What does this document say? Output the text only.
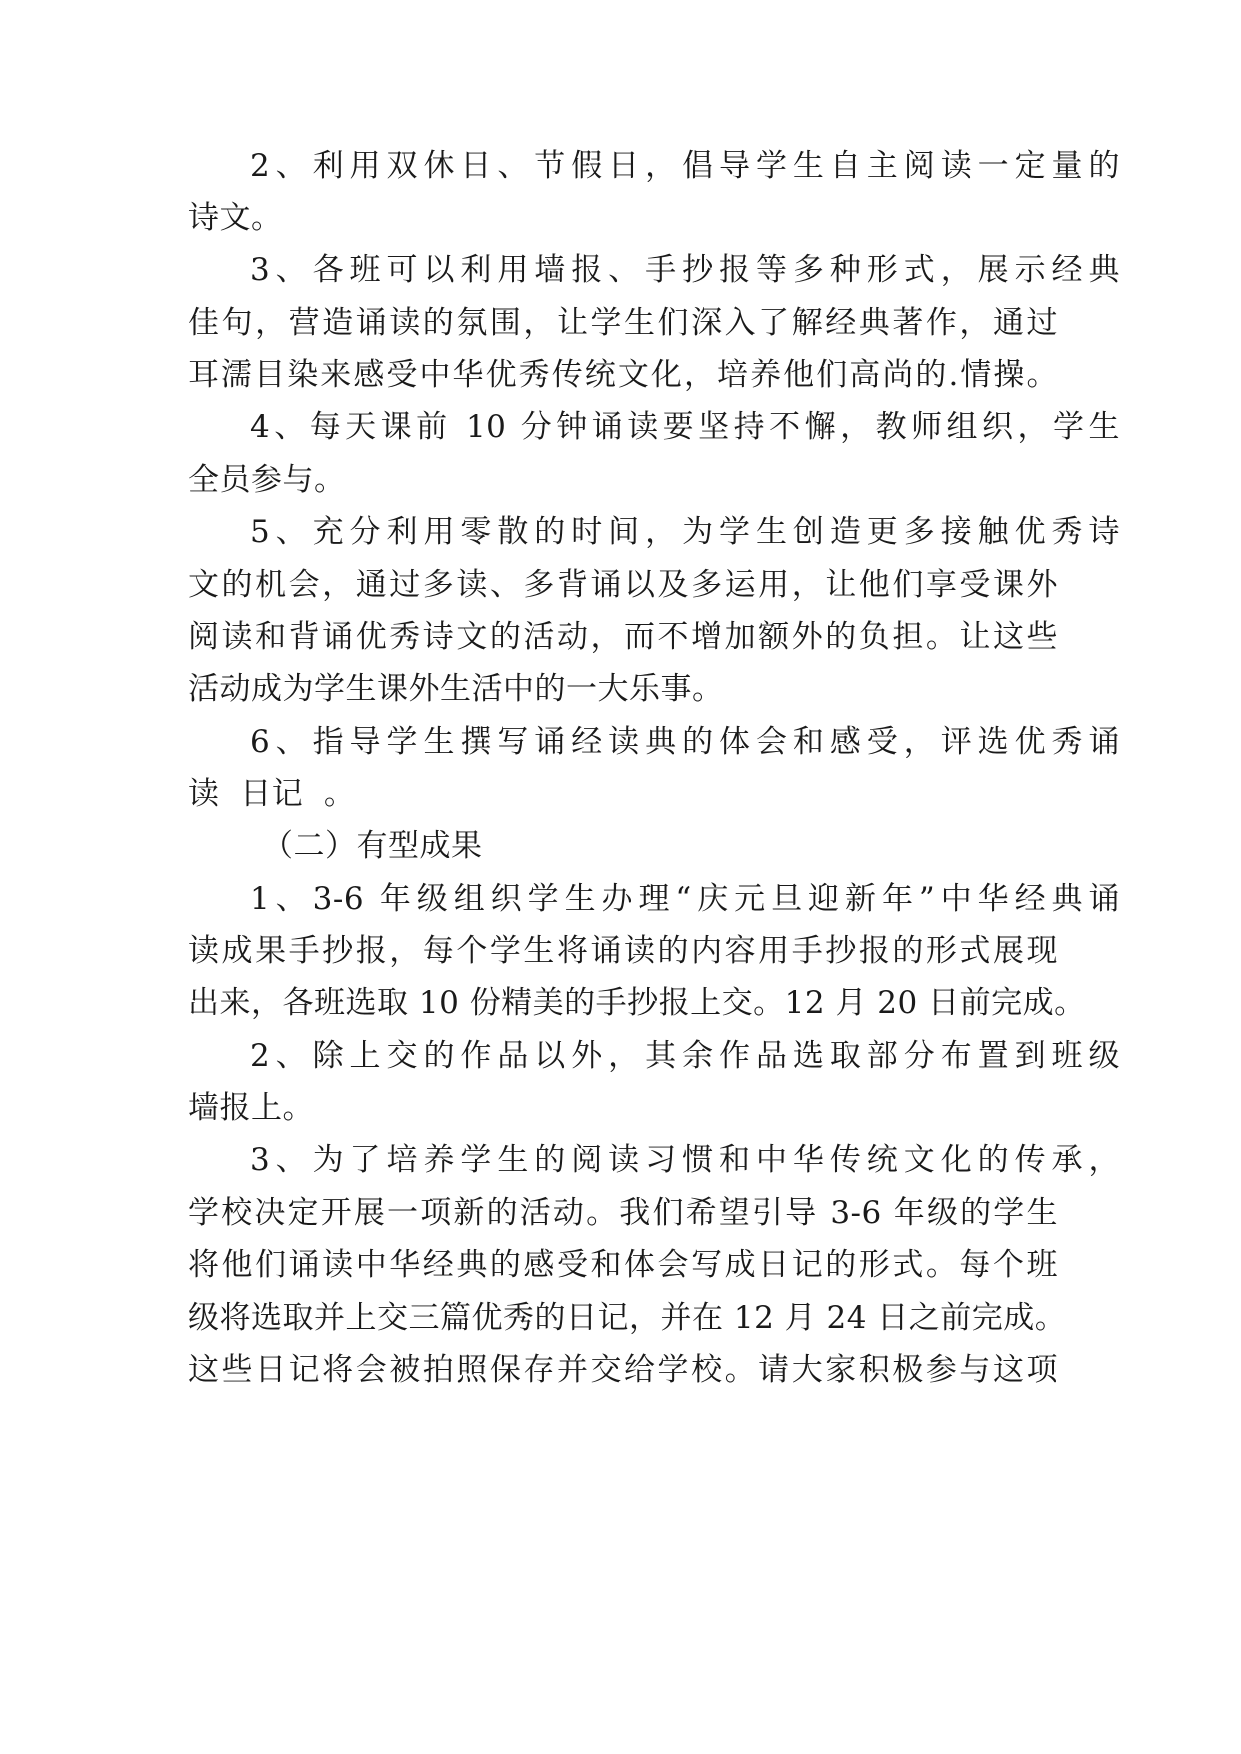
2、利用双休日、节假日，倡导学生自主阅读一定量的
诗文。
3、各班可以利用墙报、手抄报等多种形式，展示经典
佳句，营造诵读的氛围，让学生们深入了解经典著作，通过
耳濡目染来感受中华优秀传统文化，培养他们高尚的.情操。
4、每天课前 10 分钟诵读要坚持不懈，教师组织，学生
全员参与。
5、充分利用零散的时间，为学生创造更多接触优秀诗
文的机会，通过多读、多背诵以及多运用，让他们享受课外
阅读和背诵优秀诗文的活动，而不增加额外的负担。让这些
活动成为学生课外生活中的一大乐事。
6、指导学生撰写诵经读典的体会和感受，评选优秀诵
读  日记  。
（二）有型成果
1、3-6 年级组织学生办理“庆元旦迎新年”中华经典诵
读成果手抄报，每个学生将诵读的内容用手抄报的形式展现
出来，各班选取 10 份精美的手抄报上交。12 月 20 日前完成。
2、除上交的作品以外，其余作品选取部分布置到班级
墙报上。
3、为了培养学生的阅读习惯和中华传统文化的传承，
学校决定开展一项新的活动。我们希望引导 3-6 年级的学生
将他们诵读中华经典的感受和体会写成日记的形式。每个班
级将选取并上交三篇优秀的日记，并在 12 月 24 日之前完成。
这些日记将会被拍照保存并交给学校。请大家积极参与这项
